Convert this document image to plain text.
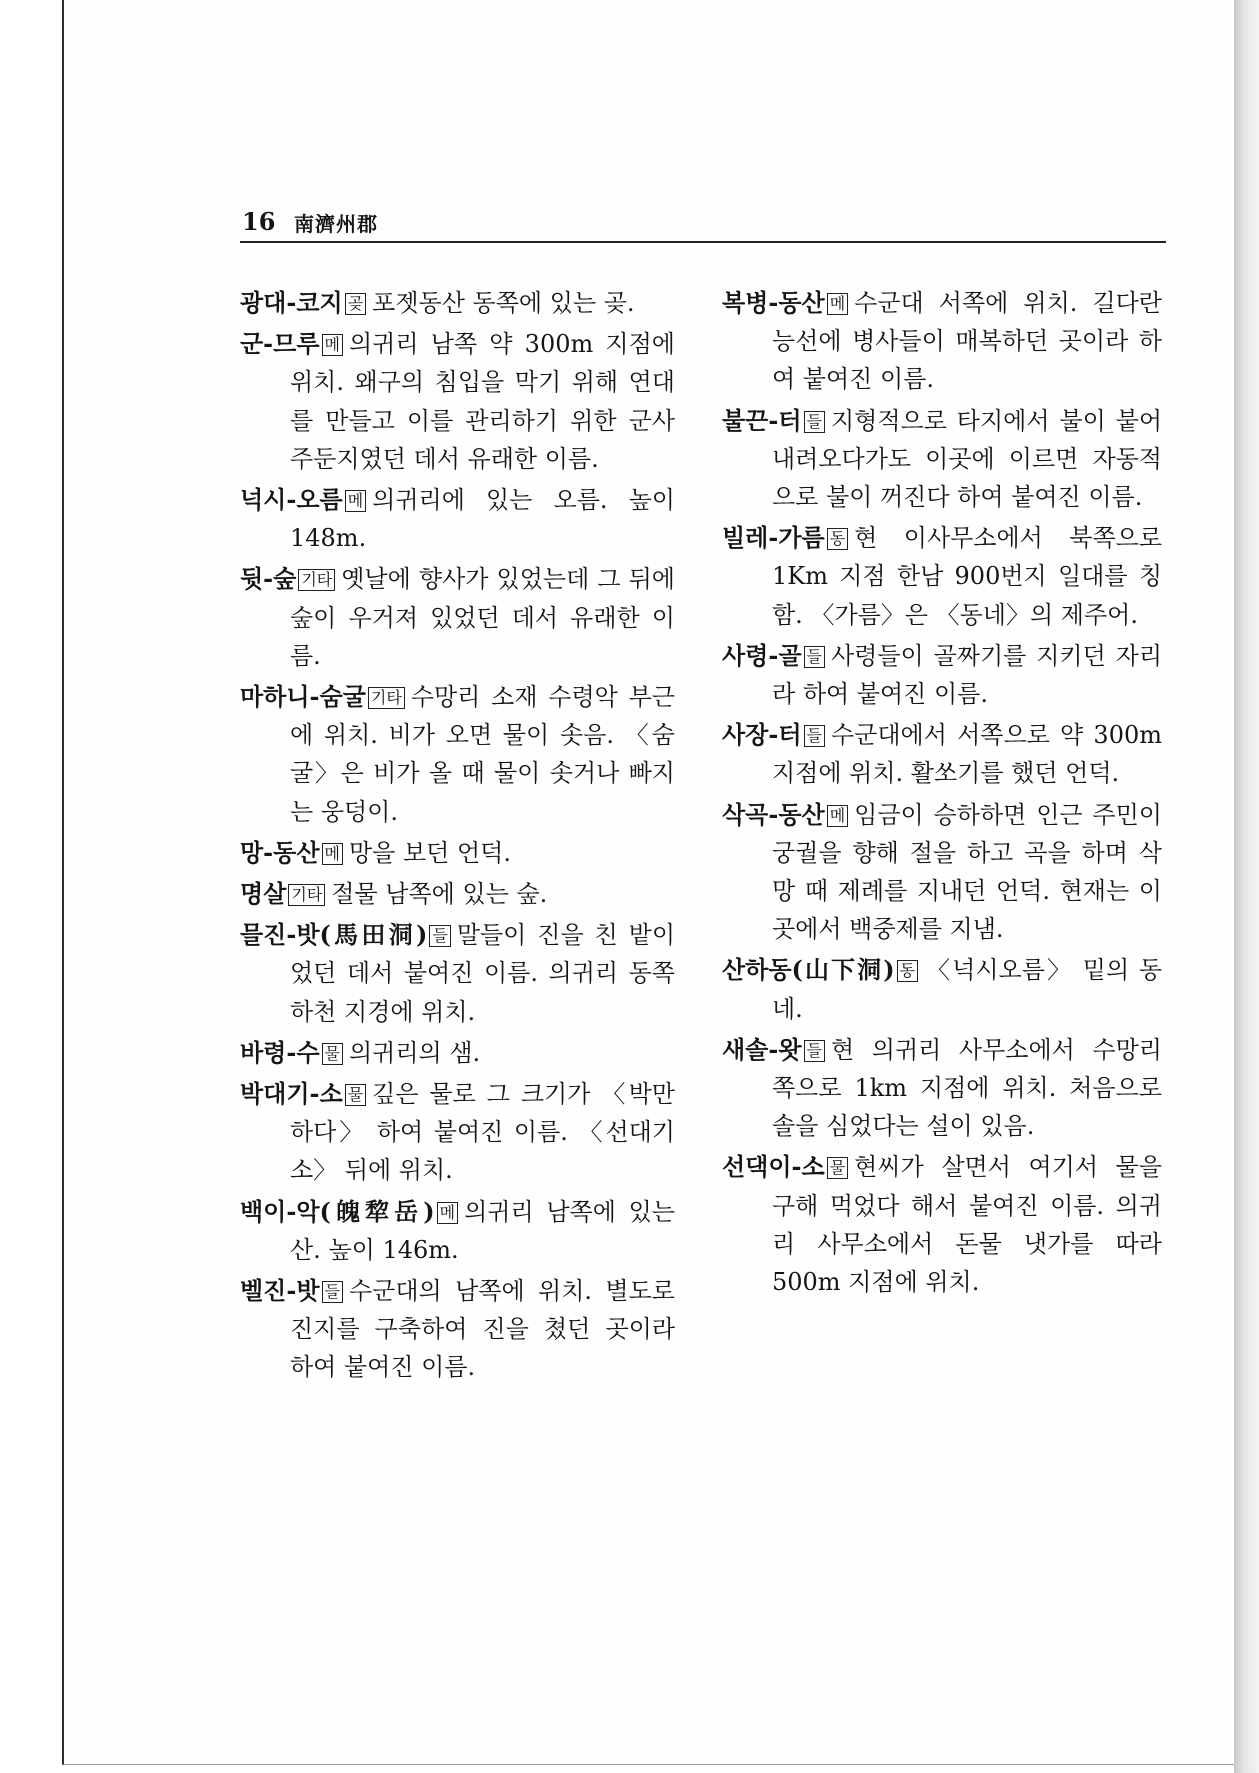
16 南濟州郡

광대-코지 곶 포젯동산 동쪽에 있는 곶.

군-므루 메 의귀리 남쪽 약 300m 지점에 위치. 왜구의 침입을 막기 위해 연대를 만들고 이를 관리하기 위한 군사 주둔지였던 데서 유래한 이름.

넉시-오름 메 의귀리에 있는 오름. 높이 148m.

뒷-숲 기타 옛날에 향사가 있었는데 그 뒤에 숲이 우거져 있었던 데서 유래한 이름.

마하니-숨굴 기타 수망리 소재 수령악 부근에 위치. 비가 오면 물이 솟음. 〈숨굴〉은 비가 올 때 물이 솟거나 빠지는 웅덩이.

망-동산 메 망을 보던 언덕.

명살 기타 절물 남쪽에 있는 숲.

믈진-밧(馬田洞) 들 말들이 진을 친 밭이었던 데서 붙여진 이름. 의귀리 동쪽 하천 지경에 위치.

바령-수 물 의귀리의 샘.

박대기-소 물 깊은 물로 그 크기가 〈박만하다〉 하여 붙여진 이름. 〈선대기소〉 뒤에 위치.

백이-악(魄犂岳) 메 의귀리 남쪽에 있는 산. 높이 146m.

벨진-밧 들 수군대의 남쪽에 위치. 별도로 진지를 구축하여 진을 쳤던 곳이라 하여 붙여진 이름.

복병-동산 메 수군대 서쪽에 위치. 길다란 능선에 병사들이 매복하던 곳이라 하여 붙여진 이름.

불끈-터 들 지형적으로 타지에서 불이 붙어 내려오다가도 이곳에 이르면 자동적으로 불이 꺼진다 하여 붙여진 이름.

빌레-가름 동 현 이사무소에서 북쪽으로 1Km 지점 한남 900번지 일대를 칭함. 〈가름〉은 〈동네〉의 제주어.

사령-골 들 사령들이 골짜기를 지키던 자리라 하여 붙여진 이름.

사장-터 들 수군대에서 서쪽으로 약 300m 지점에 위치. 활쏘기를 했던 언덕.

삭곡-동산 메 임금이 승하하면 인근 주민이 궁궐을 향해 절을 하고 곡을 하며 삭망 때 제례를 지내던 언덕. 현재는 이곳에서 백중제를 지냄.

산하동(山下洞) 동 〈넉시오름〉 밑의 동네.

새솔-왓 들 현 의귀리 사무소에서 수망리 쪽으로 1km 지점에 위치. 처음으로 솔을 심었다는 설이 있음.

선댁이-소 물 현씨가 살면서 여기서 물을 구해 먹었다 해서 붙여진 이름. 의귀리 사무소에서 돈물 냇가를 따라 500m 지점에 위치.
